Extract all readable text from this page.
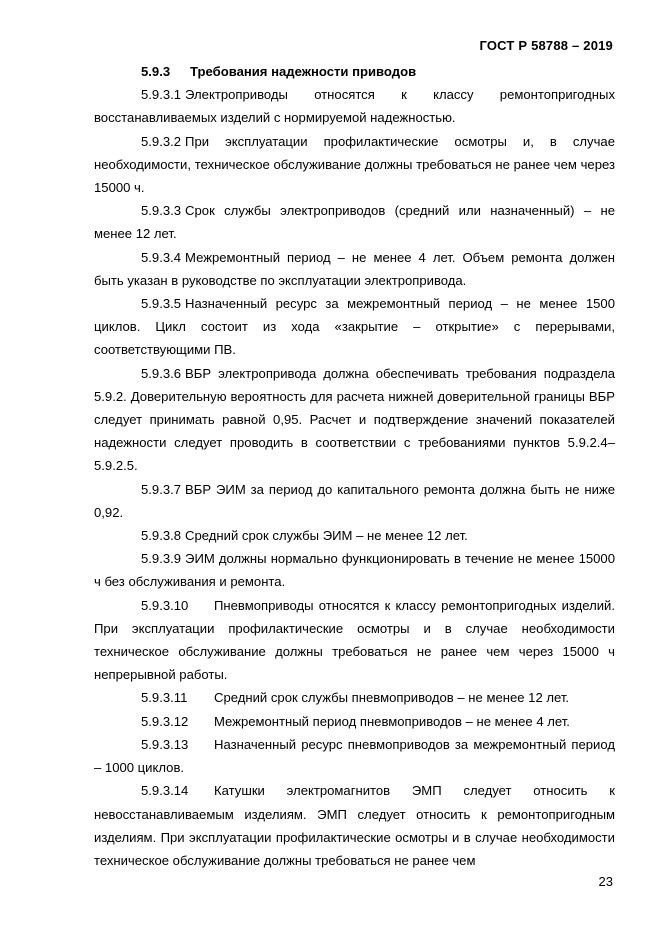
ГОСТ Р 58788 – 2019

5.9.3 Требования надежности приводов

5.9.3.1 Электроприводы относятся к классу ремонтопригодных восстанавливаемых изделий с нормируемой надежностью.

5.9.3.2 При эксплуатации профилактические осмотры и, в случае необходимости, техническое обслуживание должны требоваться не ранее чем через 15000 ч.

5.9.3.3 Срок службы электроприводов (средний или назначенный) – не менее 12 лет.

5.9.3.4 Межремонтный период – не менее 4 лет. Объем ремонта должен быть указан в руководстве по эксплуатации электропривода.

5.9.3.5 Назначенный ресурс за межремонтный период – не менее 1500 циклов. Цикл состоит из хода «закрытие – открытие» с перерывами, соответствующими ПВ.

5.9.3.6 ВБР электропривода должна обеспечивать требования подраздела 5.9.2. Доверительную вероятность для расчета нижней доверительной границы ВБР следует принимать равной 0,95. Расчет и подтверждение значений показателей надежности следует проводить в соответствии с требованиями пунктов 5.9.2.4–5.9.2.5.

5.9.3.7 ВБР ЭИМ за период до капитального ремонта должна быть не ниже 0,92.

5.9.3.8 Средний срок службы ЭИМ – не менее 12 лет.

5.9.3.9 ЭИМ должны нормально функционировать в течение не менее 15000 ч без обслуживания и ремонта.

5.9.3.10 Пневмоприводы относятся к классу ремонтопригодных изделий. При эксплуатации профилактические осмотры и в случае необходимости техническое обслуживание должны требоваться не ранее чем через 15000 ч непрерывной работы.

5.9.3.11 Средний срок службы пневмоприводов – не менее 12 лет.

5.9.3.12 Межремонтный период пневмоприводов – не менее 4 лет.

5.9.3.13 Назначенный ресурс пневмоприводов за межремонтный период – 1000 циклов.

5.9.3.14 Катушки электромагнитов ЭМП следует относить к невосстанавливаемым изделиям. ЭМП следует относить к ремонтопригодным изделиям. При эксплуатации профилактические осмотры и в случае необходимости техническое обслуживание должны требоваться не ранее чем

23
